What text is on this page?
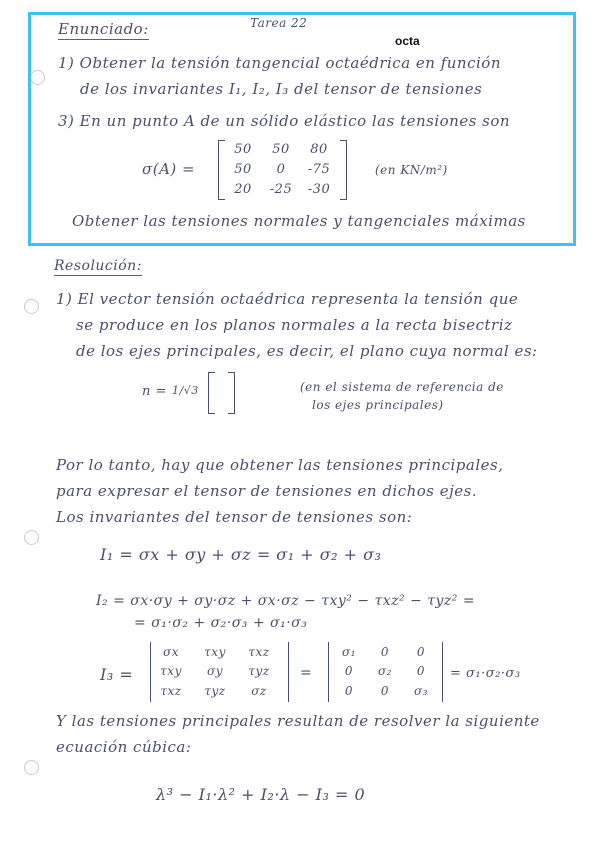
octa
Enunciado:	Tarea 22
1) Obtener la tensión tangencial octaédrica en función
de los invariantes I₁, I₂, I₃ del tensor de tensiones
3) En un punto A de un sólido elástico las tensiones son
σ(A) =
50	50	80
50	0	-75
20	-25	-30
(en KN/m²)
Obtener las tensiones normales y tangenciales máximas
Resolución:
1) El vector tensión octaédrica representa la tensión que
se produce en los planos normales a la recta bisectriz
de los ejes principales, es decir, el plano cuya normal es:
n = 1/√3	(en el sistema de referencia de
los ejes principales)
Por lo tanto, hay que obtener las tensiones principales,
para expresar el tensor de tensiones en dichos ejes.
Los invariantes del tensor de tensiones son:
I₁ = σx + σy + σz = σ₁ + σ₂ + σ₃
I₂ = σx·σy + σy·σz + σx·σz − τxy² − τxz² − τyz² =
= σ₁·σ₂ + σ₂·σ₃ + σ₁·σ₃
I₃ =
σx	τxy	τxz
τxy	σy	τyz
τxz	τyz	σz
=
σ₁	0	0
0	σ₂	0
0	0	σ₃
= σ₁·σ₂·σ₃
Y las tensiones principales resultan de resolver la siguiente
ecuación cúbica:
λ³ − I₁·λ² + I₂·λ − I₃ = 0
